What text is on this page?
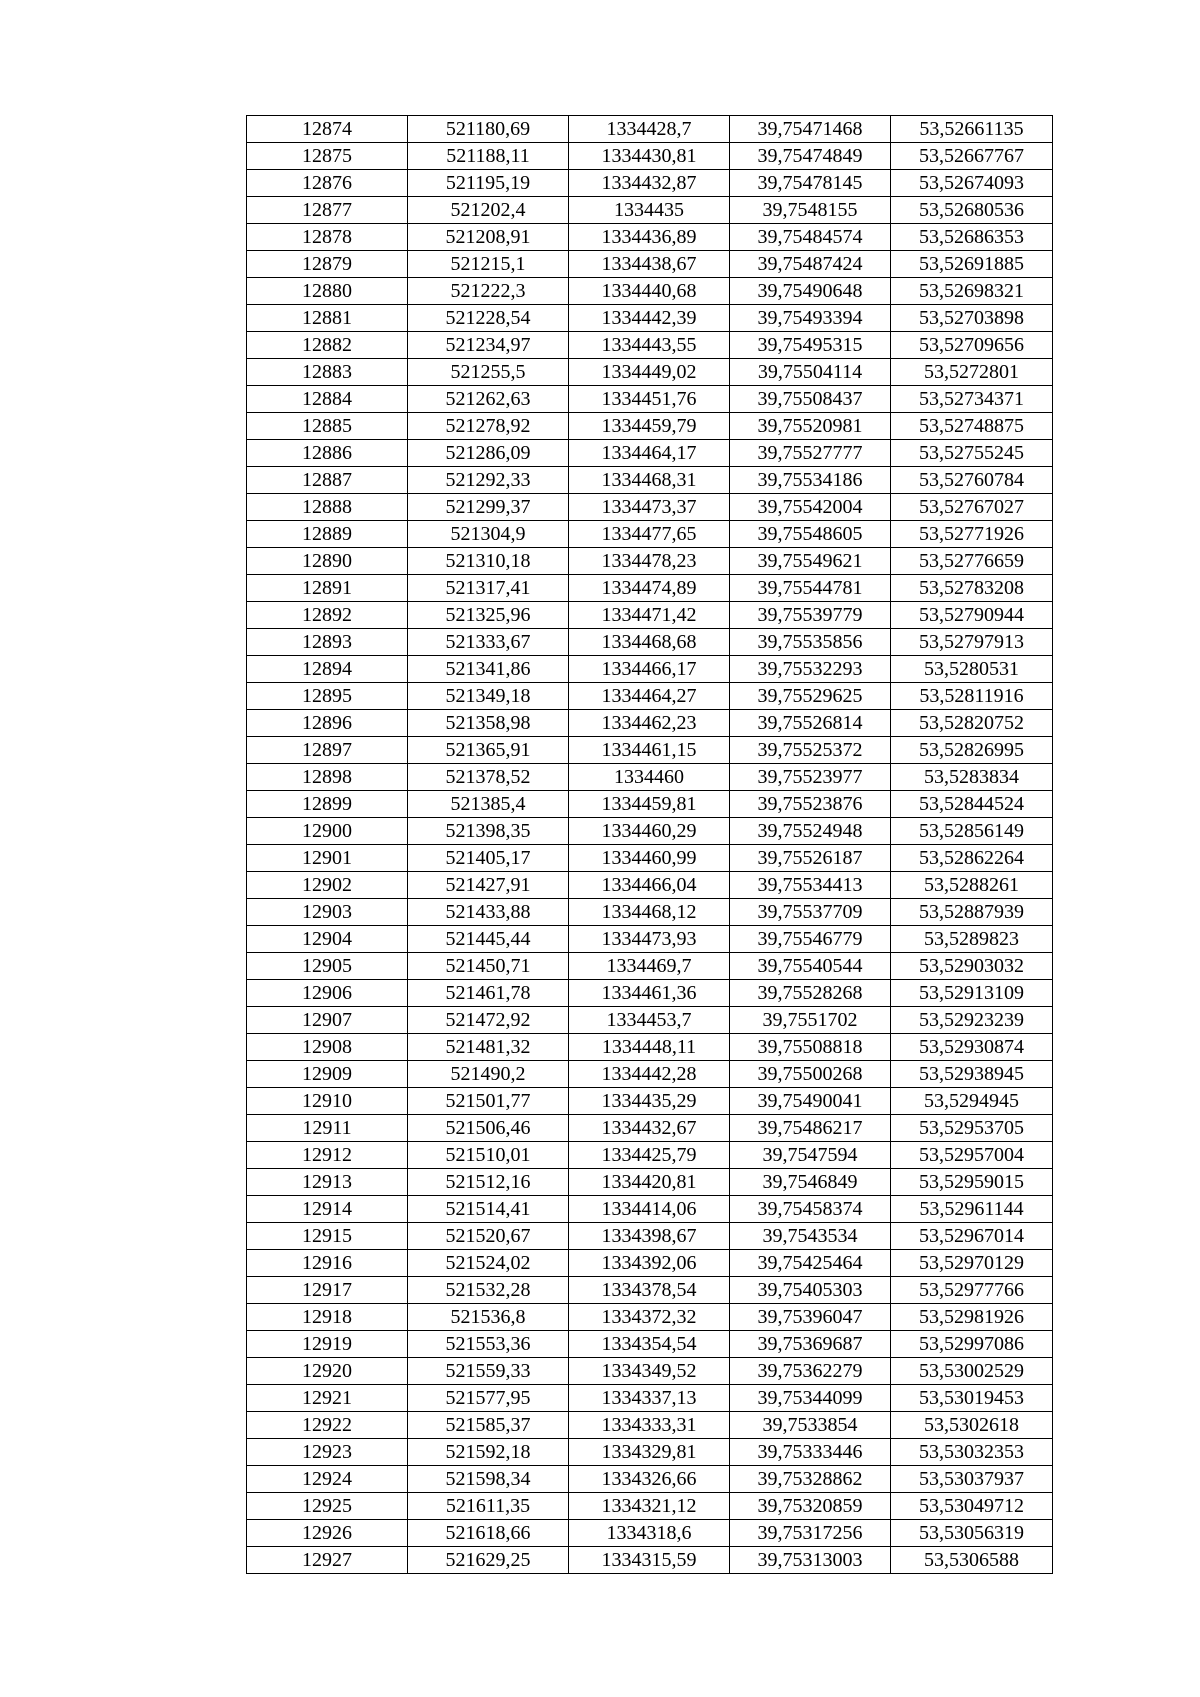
12874	521180,69	1334428,7	39,75471468	53,52661135
12875	521188,11	1334430,81	39,75474849	53,52667767
12876	521195,19	1334432,87	39,75478145	53,52674093
12877	521202,4	1334435	39,7548155	53,52680536
12878	521208,91	1334436,89	39,75484574	53,52686353
12879	521215,1	1334438,67	39,75487424	53,52691885
12880	521222,3	1334440,68	39,75490648	53,52698321
12881	521228,54	1334442,39	39,75493394	53,52703898
12882	521234,97	1334443,55	39,75495315	53,52709656
12883	521255,5	1334449,02	39,75504114	53,5272801
12884	521262,63	1334451,76	39,75508437	53,52734371
12885	521278,92	1334459,79	39,75520981	53,52748875
12886	521286,09	1334464,17	39,75527777	53,52755245
12887	521292,33	1334468,31	39,75534186	53,52760784
12888	521299,37	1334473,37	39,75542004	53,52767027
12889	521304,9	1334477,65	39,75548605	53,52771926
12890	521310,18	1334478,23	39,75549621	53,52776659
12891	521317,41	1334474,89	39,75544781	53,52783208
12892	521325,96	1334471,42	39,75539779	53,52790944
12893	521333,67	1334468,68	39,75535856	53,52797913
12894	521341,86	1334466,17	39,75532293	53,5280531
12895	521349,18	1334464,27	39,75529625	53,52811916
12896	521358,98	1334462,23	39,75526814	53,52820752
12897	521365,91	1334461,15	39,75525372	53,52826995
12898	521378,52	1334460	39,75523977	53,5283834
12899	521385,4	1334459,81	39,75523876	53,52844524
12900	521398,35	1334460,29	39,75524948	53,52856149
12901	521405,17	1334460,99	39,75526187	53,52862264
12902	521427,91	1334466,04	39,75534413	53,5288261
12903	521433,88	1334468,12	39,75537709	53,52887939
12904	521445,44	1334473,93	39,75546779	53,5289823
12905	521450,71	1334469,7	39,75540544	53,52903032
12906	521461,78	1334461,36	39,75528268	53,52913109
12907	521472,92	1334453,7	39,7551702	53,52923239
12908	521481,32	1334448,11	39,75508818	53,52930874
12909	521490,2	1334442,28	39,75500268	53,52938945
12910	521501,77	1334435,29	39,75490041	53,5294945
12911	521506,46	1334432,67	39,75486217	53,52953705
12912	521510,01	1334425,79	39,7547594	53,52957004
12913	521512,16	1334420,81	39,7546849	53,52959015
12914	521514,41	1334414,06	39,75458374	53,52961144
12915	521520,67	1334398,67	39,7543534	53,52967014
12916	521524,02	1334392,06	39,75425464	53,52970129
12917	521532,28	1334378,54	39,75405303	53,52977766
12918	521536,8	1334372,32	39,75396047	53,52981926
12919	521553,36	1334354,54	39,75369687	53,52997086
12920	521559,33	1334349,52	39,75362279	53,53002529
12921	521577,95	1334337,13	39,75344099	53,53019453
12922	521585,37	1334333,31	39,7533854	53,5302618
12923	521592,18	1334329,81	39,75333446	53,53032353
12924	521598,34	1334326,66	39,75328862	53,53037937
12925	521611,35	1334321,12	39,75320859	53,53049712
12926	521618,66	1334318,6	39,75317256	53,53056319
12927	521629,25	1334315,59	39,75313003	53,5306588
